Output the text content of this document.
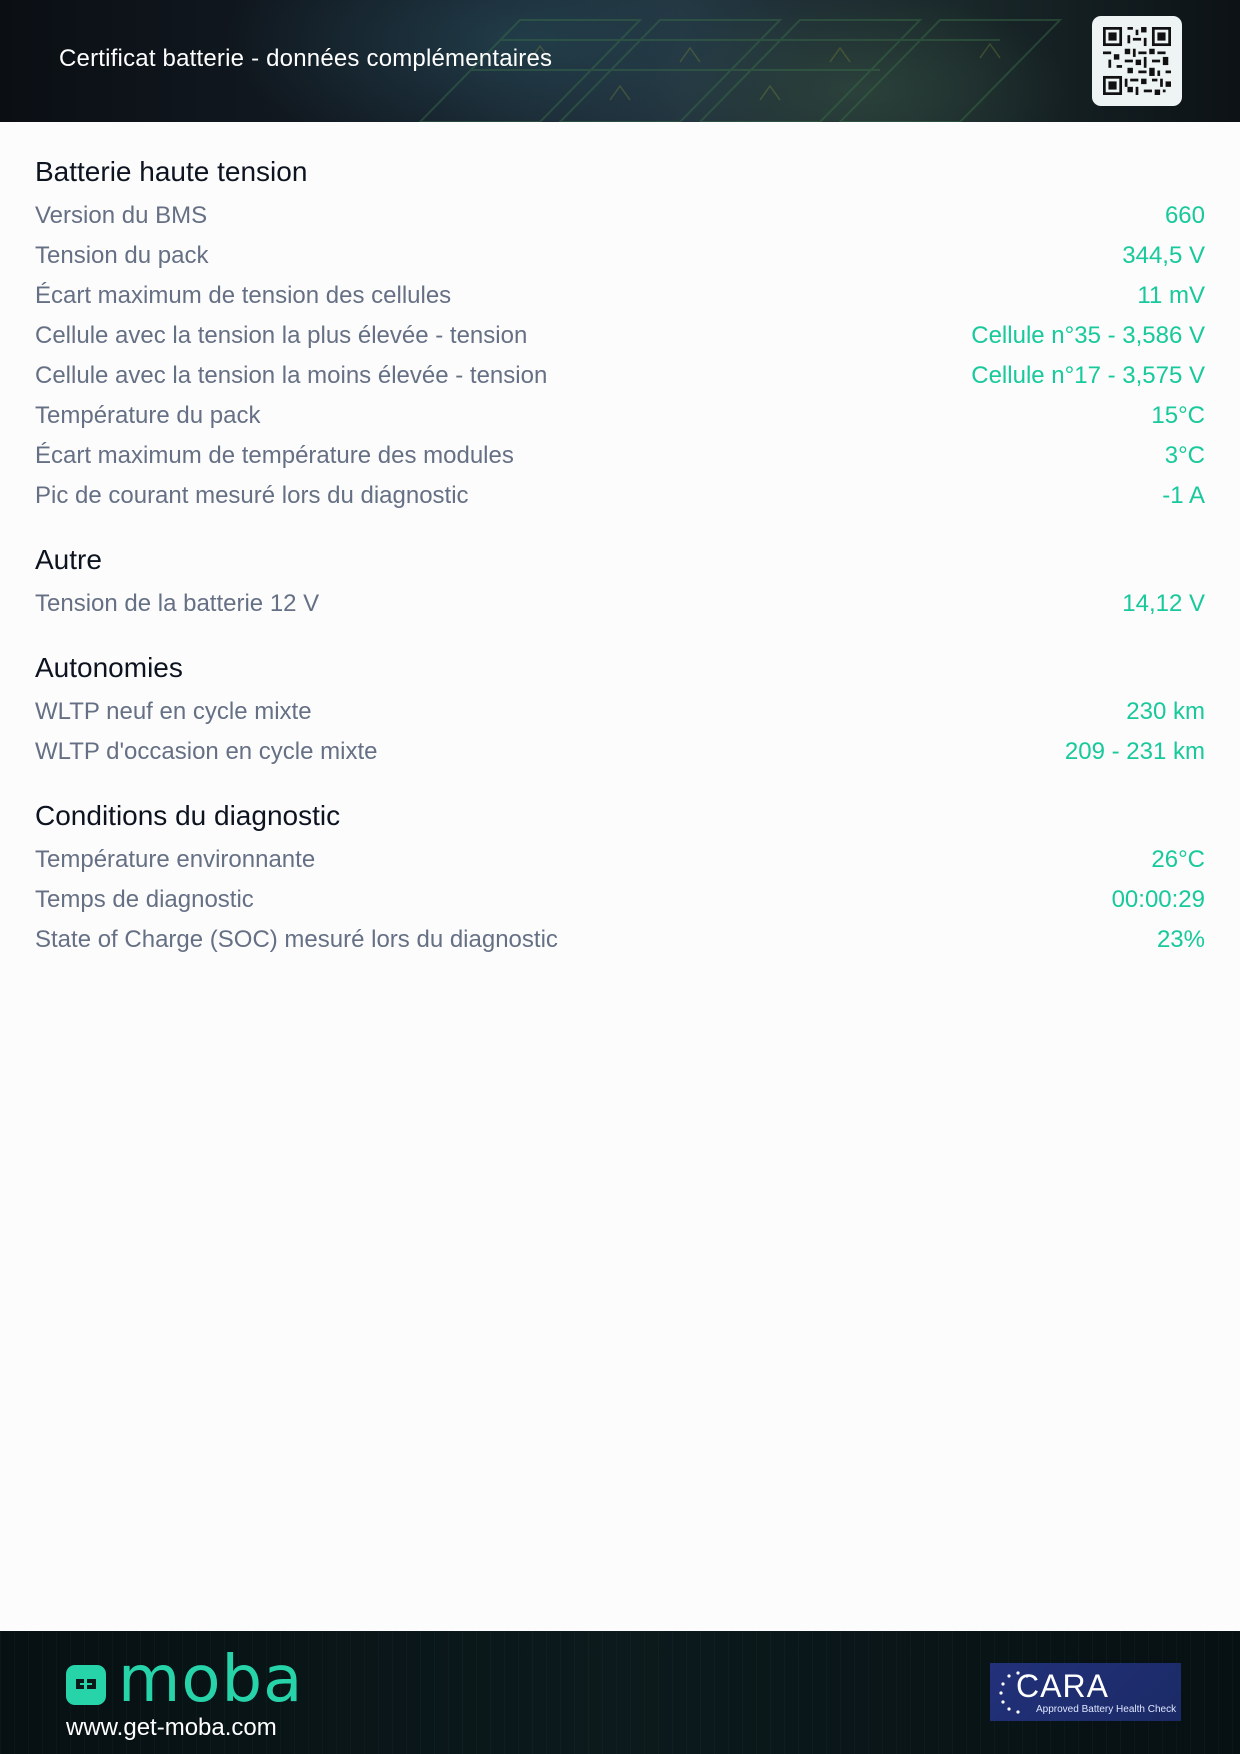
Certificat batterie - données complémentaires
Batterie haute tension
Version du BMS	660
Tension du pack	344,5 V
Écart maximum de tension des cellules	11 mV
Cellule avec la tension la plus élevée - tension	Cellule n°35 - 3,586 V
Cellule avec la tension la moins élevée - tension	Cellule n°17 - 3,575 V
Température du pack	15°C
Écart maximum de température des modules	3°C
Pic de courant mesuré lors du diagnostic	-1 A
Autre
Tension de la batterie 12 V	14,12 V
Autonomies
WLTP neuf en cycle mixte	230 km
WLTP d'occasion en cycle mixte	209 - 231 km
Conditions du diagnostic
Température environnante	26°C
Temps de diagnostic	00:00:29
State of Charge (SOC) mesuré lors du diagnostic	23%
moba
www.get-moba.com
CARA
Approved Battery Health Check
